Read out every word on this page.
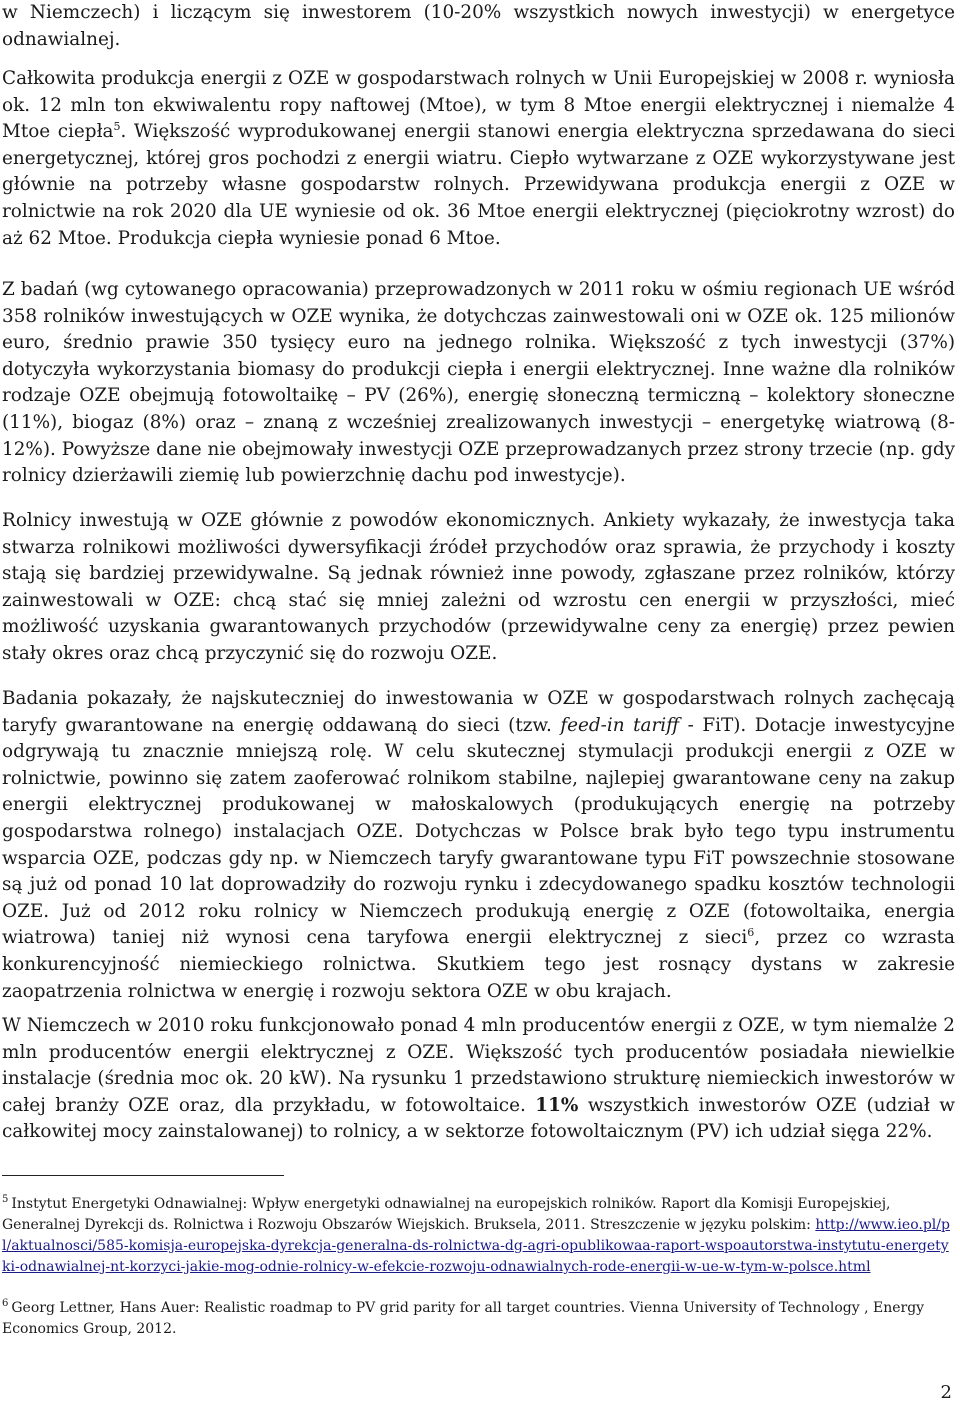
w Niemczech) i liczącym się inwestorem (10-20% wszystkich nowych inwestycji) w energetyce odnawialnej.

Całkowita produkcja energii z OZE w gospodarstwach rolnych w Unii Europejskiej w 2008 r. wyniosła ok. 12 mln ton ekwiwalentu ropy naftowej (Mtoe), w tym 8 Mtoe energii elektrycznej i niemalże 4 Mtoe ciepła$^5$. Większość wyprodukowanej energii stanowi energia elektryczna sprzedawana do sieci energetycznej, której gros pochodzi z energii wiatru. Ciepło wytwarzane z OZE wykorzystywane jest głównie na potrzeby własne gospodarstw rolnych. Przewidywana produkcja energii z OZE w rolnictwie na rok 2020 dla UE wyniesie od ok. 36 Mtoe energii elektrycznej (pięciokrotny wzrost) do aż 62 Mtoe. Produkcja ciepła wyniesie ponad 6 Mtoe.

Z badań (wg cytowanego opracowania) przeprowadzonych w 2011 roku w ośmiu regionach UE wśród 358 rolników inwestujących w OZE wynika, że dotychczas zainwestowali oni w OZE ok. 125 milionów euro, średnio prawie 350 tysięcy euro na jednego rolnika. Większość z tych inwestycji (37%) dotyczyła wykorzystania biomasy do produkcji ciepła i energii elektrycznej. Inne ważne dla rolników rodzaje OZE obejmują fotowoltaikę – PV (26%), energię słoneczną termiczną – kolektory słoneczne (11%), biogaz (8%) oraz – znaną z wcześniej zrealizowanych inwestycji – energetykę wiatrową (8-12%). Powyższe dane nie obejmowały inwestycji OZE przeprowadzanych przez strony trzecie (np. gdy rolnicy dzierżawili ziemię lub powierzchnię dachu pod inwestycje).

Rolnicy inwestują w OZE głównie z powodów ekonomicznych. Ankiety wykazały, że inwestycja taka stwarza rolnikowi możliwości dywersyfikacji źródeł przychodów oraz sprawia, że przychody i koszty stają się bardziej przewidywalne. Są jednak również inne powody, zgłaszane przez rolników, którzy zainwestowali w OZE: chcą stać się mniej zależni od wzrostu cen energii w przyszłości, mieć możliwość uzyskania gwarantowanych przychodów (przewidywalne ceny za energię) przez pewien stały okres oraz chcą przyczynić się do rozwoju OZE.

Badania pokazały, że najskuteczniej do inwestowania w OZE w gospodarstwach rolnych zachęcają taryfy gwarantowane na energię oddawaną do sieci (tzw. feed-in tariff - FiT). Dotacje inwestycyjne odgrywają tu znacznie mniejszą rolę. W celu skutecznej stymulacji produkcji energii z OZE w rolnictwie, powinno się zatem zaoferować rolnikom stabilne, najlepiej gwarantowane ceny na zakup energii elektrycznej produkowanej w małoskalowych (produkujących energię na potrzeby gospodarstwa rolnego) instalacjach OZE. Dotychczas w Polsce brak było tego typu instrumentu wsparcia OZE, podczas gdy np. w Niemczech taryfy gwarantowane typu FiT powszechnie stosowane są już od ponad 10 lat doprowadziły do rozwoju rynku i zdecydowanego spadku kosztów technologii OZE. Już od 2012 roku rolnicy w Niemczech produkują energię z OZE (fotowoltaika, energia wiatrowa) taniej niż wynosi cena taryfowa energii elektrycznej z sieci$^6$, przez co wzrasta konkurencyjność niemieckiego rolnictwa. Skutkiem tego jest rosnący dystans w zakresie zaopatrzenia rolnictwa w energię i rozwoju sektora OZE w obu krajach.

W Niemczech w 2010 roku funkcjonowało ponad 4 mln producentów energii z OZE, w tym niemalże 2 mln producentów energii elektrycznej z OZE. Większość tych producentów posiadała niewielkie instalacje (średnia moc ok. 20 kW). Na rysunku 1 przedstawiono strukturę niemieckich inwestorów w całej branży OZE oraz, dla przykładu, w fotowoltaice. 11% wszystkich inwestorów OZE (udział w całkowitej mocy zainstalowanej) to rolnicy, a w sektorze fotowoltaicznym (PV) ich udział sięga 22%.

$^5$ Instytut Energetyki Odnawialnej: Wpływ energetyki odnawialnej na europejskich rolników. Raport dla Komisji Europejskiej, Generalnej Dyrekcji ds. Rolnictwa i Rozwoju Obszarów Wiejskich. Bruksela, 2011. Streszczenie w języku polskim: http://www.ieo.pl/pl/aktualnosci/585-komisja-europejska-dyrekcja-generalna-ds-rolnictwa-dg-agri-opublikowaa-raport-wspoautorstwa-instytutu-energetyki-odnawialnej-nt-korzyci-jakie-mog-odnie-rolnicy-w-efekcie-rozwoju-odnawialnych-rode-energii-w-ue-w-tym-w-polsce.html

$^6$ Georg Lettner, Hans Auer: Realistic roadmap to PV grid parity for all target countries. Vienna University of Technology , Energy Economics Group, 2012.

2
